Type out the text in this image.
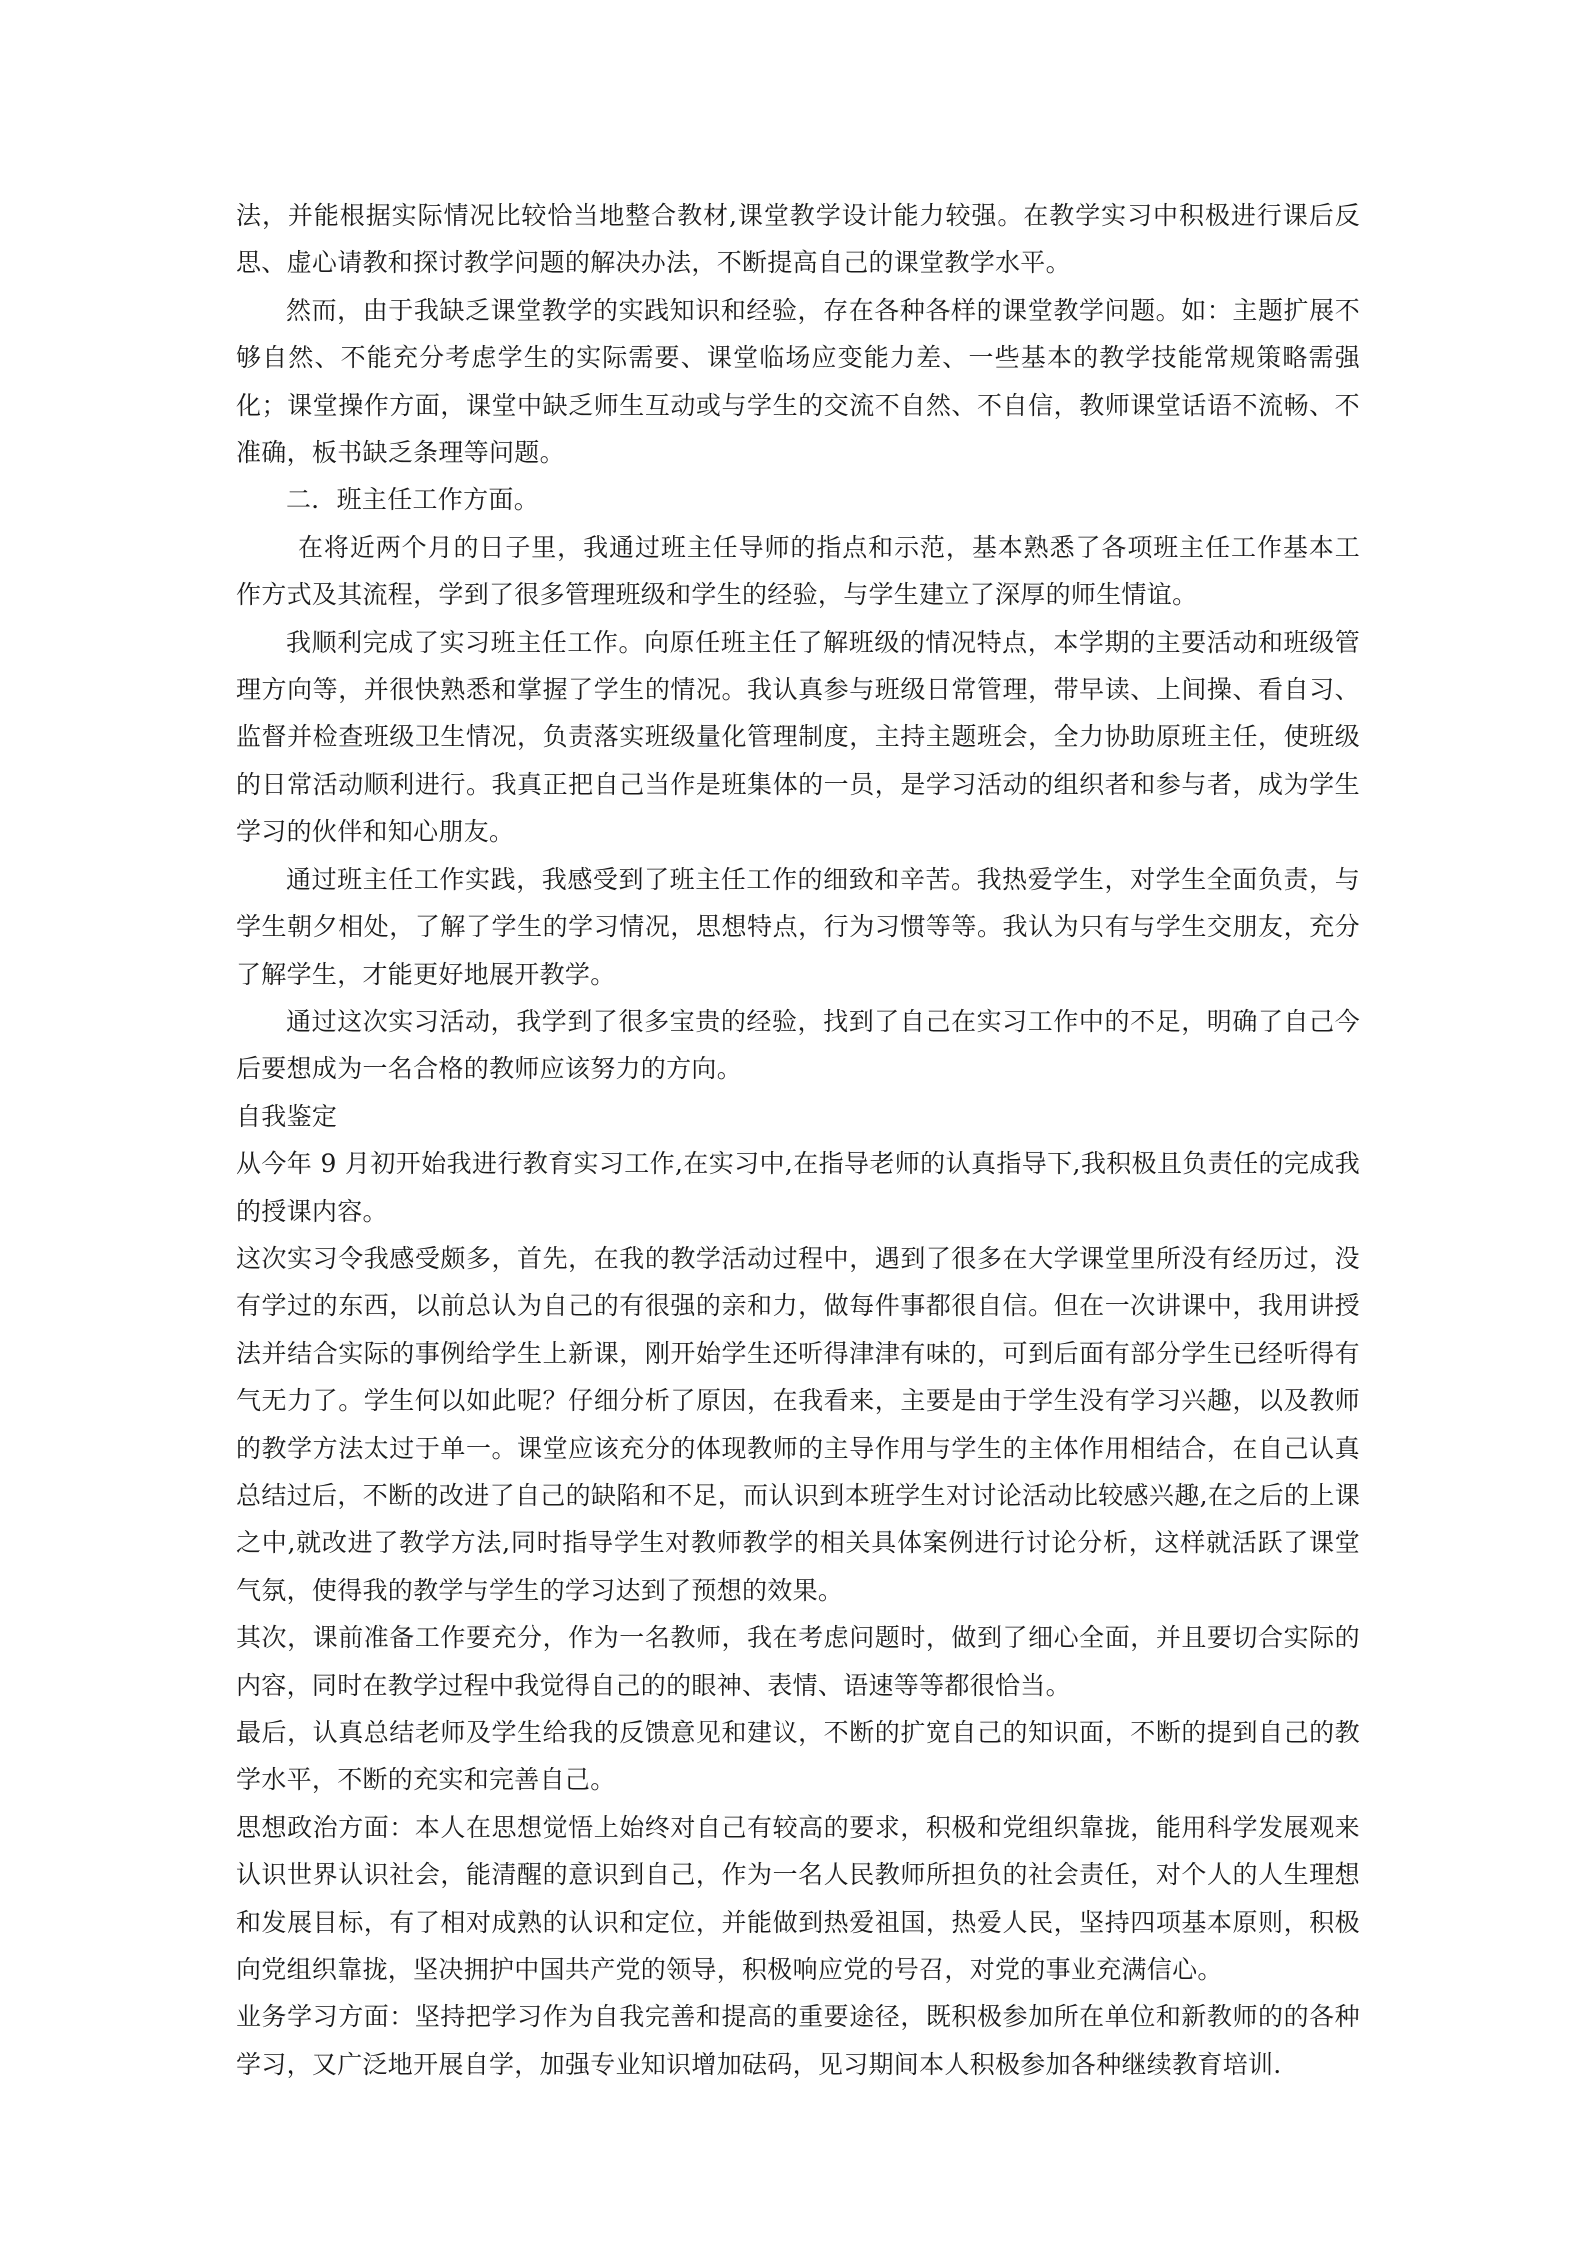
法，并能根据实际情况比较恰当地整合教材,课堂教学设计能力较强。在教学实习中积极进行课后反思、虚心请教和探讨教学问题的解决办法，不断提高自己的课堂教学水平。

然而，由于我缺乏课堂教学的实践知识和经验，存在各种各样的课堂教学问题。如：主题扩展不够自然、不能充分考虑学生的实际需要、课堂临场应变能力差、一些基本的教学技能常规策略需强化；课堂操作方面，课堂中缺乏师生互动或与学生的交流不自然、不自信，教师课堂话语不流畅、不准确，板书缺乏条理等问题。

二．班主任工作方面。

在将近两个月的日子里，我通过班主任导师的指点和示范，基本熟悉了各项班主任工作基本工作方式及其流程，学到了很多管理班级和学生的经验，与学生建立了深厚的师生情谊。

我顺利完成了实习班主任工作。向原任班主任了解班级的情况特点，本学期的主要活动和班级管理方向等，并很快熟悉和掌握了学生的情况。我认真参与班级日常管理，带早读、上间操、看自习、监督并检查班级卫生情况，负责落实班级量化管理制度，主持主题班会，全力协助原班主任，使班级的日常活动顺利进行。我真正把自己当作是班集体的一员，是学习活动的组织者和参与者，成为学生学习的伙伴和知心朋友。

通过班主任工作实践，我感受到了班主任工作的细致和辛苦。我热爱学生，对学生全面负责，与学生朝夕相处，了解了学生的学习情况，思想特点，行为习惯等等。我认为只有与学生交朋友，充分了解学生，才能更好地展开教学。

通过这次实习活动，我学到了很多宝贵的经验，找到了自己在实习工作中的不足，明确了自己今后要想成为一名合格的教师应该努力的方向。

自我鉴定

从今年 9 月初开始我进行教育实习工作,在实习中,在指导老师的认真指导下,我积极且负责任的完成我的授课内容。

这次实习令我感受颇多，首先，在我的教学活动过程中，遇到了很多在大学课堂里所没有经历过，没有学过的东西，以前总认为自己的有很强的亲和力，做每件事都很自信。但在一次讲课中，我用讲授法并结合实际的事例给学生上新课，刚开始学生还听得津津有味的，可到后面有部分学生已经听得有气无力了。学生何以如此呢？仔细分析了原因，在我看来，主要是由于学生没有学习兴趣，以及教师的教学方法太过于单一。课堂应该充分的体现教师的主导作用与学生的主体作用相结合，在自己认真总结过后，不断的改进了自己的缺陷和不足，而认识到本班学生对讨论活动比较感兴趣,在之后的上课之中,就改进了教学方法,同时指导学生对教师教学的相关具体案例进行讨论分析，这样就活跃了课堂气氛，使得我的教学与学生的学习达到了预想的效果。

其次，课前准备工作要充分，作为一名教师，我在考虑问题时，做到了细心全面，并且要切合实际的内容，同时在教学过程中我觉得自己的的眼神、表情、语速等等都很恰当。

最后，认真总结老师及学生给我的反馈意见和建议，不断的扩宽自己的知识面，不断的提到自己的教学水平，不断的充实和完善自己。

思想政治方面：本人在思想觉悟上始终对自己有较高的要求，积极和党组织靠拢，能用科学发展观来认识世界认识社会，能清醒的意识到自己，作为一名人民教师所担负的社会责任，对个人的人生理想和发展目标，有了相对成熟的认识和定位，并能做到热爱祖国，热爱人民，坚持四项基本原则，积极向党组织靠拢，坚决拥护中国共产党的领导，积极响应党的号召，对党的事业充满信心。

业务学习方面：坚持把学习作为自我完善和提高的重要途径，既积极参加所在单位和新教师的的各种学习，又广泛地开展自学，加强专业知识增加砝码，见习期间本人积极参加各种继续教育培训.
